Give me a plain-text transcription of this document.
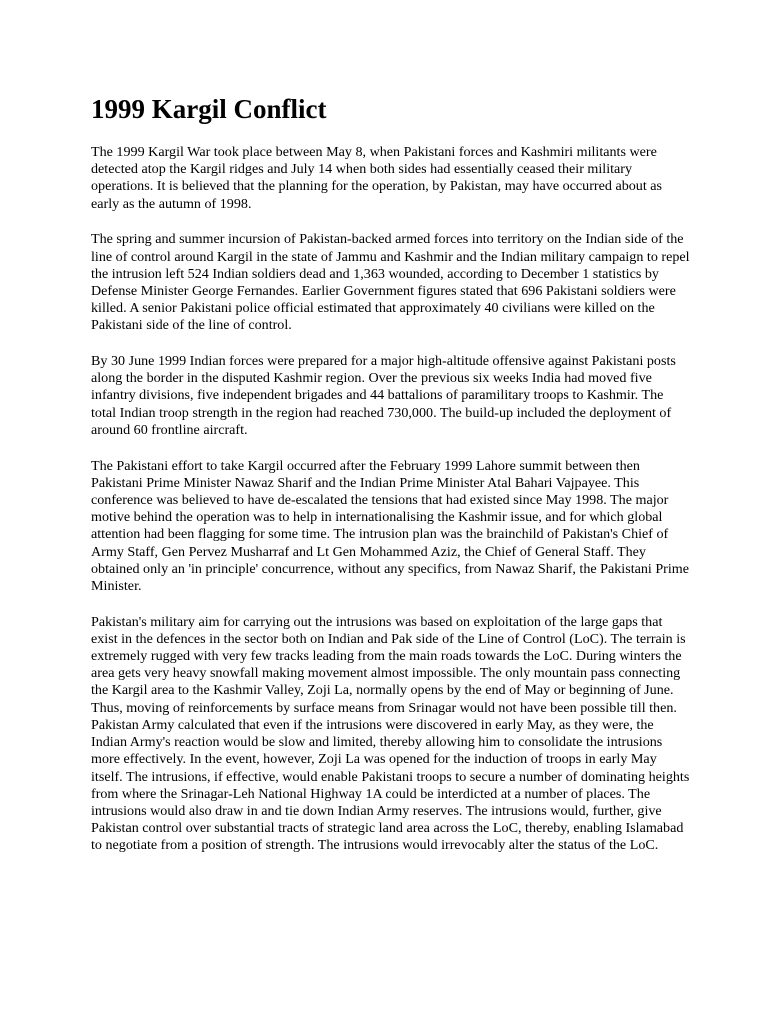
1999 Kargil Conflict

The 1999 Kargil War took place between May 8, when Pakistani forces and Kashmiri militants were detected atop the Kargil ridges and July 14 when both sides had essentially ceased their military operations. It is believed that the planning for the operation, by Pakistan, may have occurred about as early as the autumn of 1998.

The spring and summer incursion of Pakistan-backed armed forces into territory on the Indian side of the line of control around Kargil in the state of Jammu and Kashmir and the Indian military campaign to repel the intrusion left 524 Indian soldiers dead and 1,363 wounded, according to December 1 statistics by Defense Minister George Fernandes. Earlier Government figures stated that 696 Pakistani soldiers were killed. A senior Pakistani police official estimated that approximately 40 civilians were killed on the Pakistani side of the line of control.

By 30 June 1999 Indian forces were prepared for a major high-altitude offensive against Pakistani posts along the border in the disputed Kashmir region. Over the previous six weeks India had moved five infantry divisions, five independent brigades and 44 battalions of paramilitary troops to Kashmir. The total Indian troop strength in the region had reached 730,000. The build-up included the deployment of around 60 frontline aircraft.

The Pakistani effort to take Kargil occurred after the February 1999 Lahore summit between then Pakistani Prime Minister Nawaz Sharif and the Indian Prime Minister Atal Bahari Vajpayee. This conference was believed to have de-escalated the tensions that had existed since May 1998. The major motive behind the operation was to help in internationalising the Kashmir issue, and for which global attention had been flagging for some time. The intrusion plan was the brainchild of Pakistan's Chief of Army Staff, Gen Pervez Musharraf and Lt Gen Mohammed Aziz, the Chief of General Staff. They obtained only an 'in principle' concurrence, without any specifics, from Nawaz Sharif, the Pakistani Prime Minister.

Pakistan's military aim for carrying out the intrusions was based on exploitation of the large gaps that exist in the defences in the sector both on Indian and Pak side of the Line of Control (LoC). The terrain is extremely rugged with very few tracks leading from the main roads towards the LoC. During winters the area gets very heavy snowfall making movement almost impossible. The only mountain pass connecting the Kargil area to the Kashmir Valley, Zoji La, normally opens by the end of May or beginning of June. Thus, moving of reinforcements by surface means from Srinagar would not have been possible till then. Pakistan Army calculated that even if the intrusions were discovered in early May, as they were, the Indian Army's reaction would be slow and limited, thereby allowing him to consolidate the intrusions more effectively. In the event, however, Zoji La was opened for the induction of troops in early May itself. The intrusions, if effective, would enable Pakistani troops to secure a number of dominating heights from where the Srinagar-Leh National Highway 1A could be interdicted at a number of places. The intrusions would also draw in and tie down Indian Army reserves. The intrusions would, further, give Pakistan control over substantial tracts of strategic land area across the LoC, thereby, enabling Islamabad to negotiate from a position of strength. The intrusions would irrevocably alter the status of the LoC.
